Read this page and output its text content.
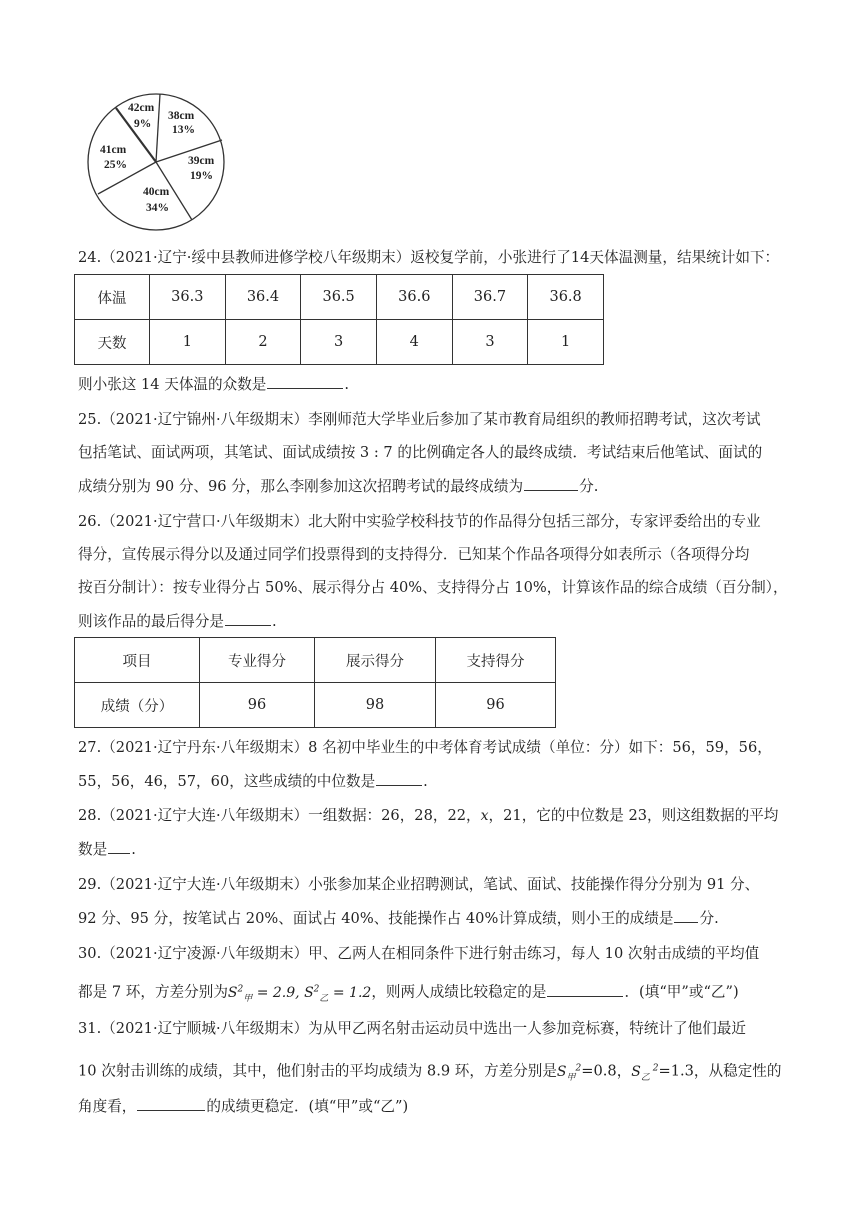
38cm
13%
39cm
19%
40cm
34%
41cm
25%
42cm
9%
24.（2021·辽宁·绥中县教师进修学校八年级期末）返校复学前，小张进行了14天体温测量，结果统计如下：
体温	36.3	36.4	36.5	36.6	36.7	36.8
天数	1	2	3	4	3	1
则小张这 14 天体温的众数是	.
25.（2021·辽宁锦州·八年级期末）李刚师范大学毕业后参加了某市教育局组织的教师招聘考试，这次考试
包括笔试、面试两项，其笔试、面试成绩按 3 : 7 的比例确定各人的最终成绩．考试结束后他笔试、面试的
成绩分别为 90 分、96 分，那么李刚参加这次招聘考试的最终成绩为	分.
26.（2021·辽宁营口·八年级期末）北大附中实验学校科技节的作品得分包括三部分，专家评委给出的专业
得分，宣传展示得分以及通过同学们投票得到的支持得分．已知某个作品各项得分如表所示（各项得分均
按百分制计）：按专业得分占 50%、展示得分占 40%、支持得分占 10%，计算该作品的综合成绩（百分制），
则该作品的最后得分是	.
项目	专业得分	展示得分	支持得分
成绩（分）	96	98	96
27.（2021·辽宁丹东·八年级期末）8 名初中毕业生的中考体育考试成绩（单位：分）如下：56，59，56，
55，56，46，57，60，这些成绩的中位数是	.
28.（2021·辽宁大连·八年级期末）一组数据：26，28，22，x，21，它的中位数是 23，则这组数据的平均
数是 .
29.（2021·辽宁大连·八年级期末）小张参加某企业招聘测试，笔试、面试、技能操作得分分别为 91 分、
92 分、95 分，按笔试占 20%、面试占 40%、技能操作占 40%计算成绩，则小王的成绩是 分.
30.（2021·辽宁凌源·八年级期末）甲、乙两人在相同条件下进行射击练习，每人 10 次射击成绩的平均值
都是 7 环，方差分别为$S^2_甲 = 2.9$, $S^2_乙 = 1.2$，则两人成绩比较稳定的是	．(填“甲”或“乙”)
31.（2021·辽宁顺城·八年级期末）为从甲乙两名射击运动员中选出一人参加竞标赛，特统计了他们最近
10 次射击训练的成绩，其中，他们射击的平均成绩为 8.9 环，方差分别是$S_甲^2=0.8$，$S_乙$ $^2$=1.3，从稳定性的
角度看，	的成绩更稳定．(填“甲”或“乙”)
